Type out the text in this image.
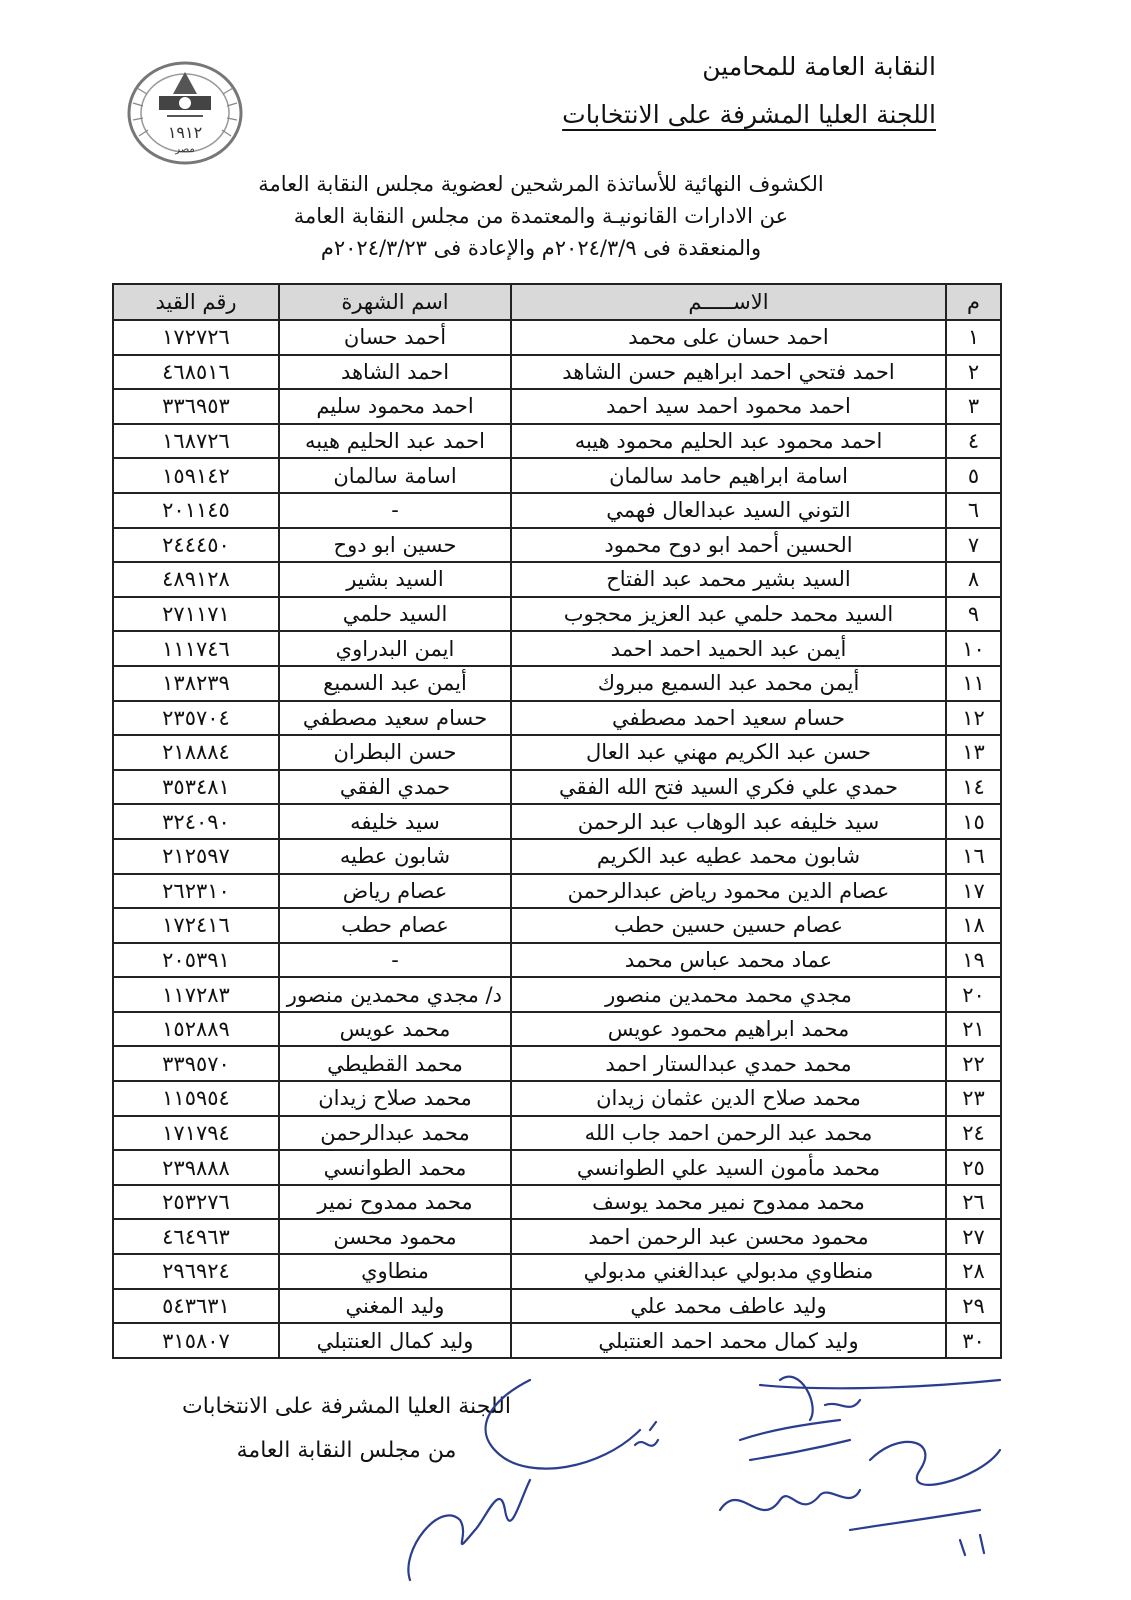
النقابة العامة للمحامين
اللجنة العليا المشرفة على الانتخابات
١٩١٢
مصر
الكشوف النهائية للأساتذة المرشحين لعضوية مجلس النقابة العامة
عن الادارات القانونيـة والمعتمدة من مجلس النقابة العامة
والمنعقدة فى ٢٠٢٤/٣/٩م والإعادة فى ٢٠٢٤/٣/٢٣م
م	الاســـــم	اسم الشهرة	رقم القيد
١	احمد حسان على محمد	أحمد حسان	١٧٢٧٢٦
٢	احمد فتحي احمد ابراهيم حسن الشاهد	احمد الشاهد	٤٦٨٥١٦
٣	احمد محمود احمد سيد احمد	احمد محمود سليم	٣٣٦٩٥٣
٤	احمد محمود عبد الحليم محمود هيبه	احمد عبد الحليم هيبه	١٦٨٧٢٦
٥	اسامة ابراهيم حامد سالمان	اسامة سالمان	١٥٩١٤٢
٦	التوني السيد عبدالعال فهمي	-	٢٠١١٤٥
٧	الحسين أحمد ابو دوح محمود	حسين ابو دوح	٢٤٤٤٥٠
٨	السيد بشير محمد عبد الفتاح	السيد بشير	٤٨٩١٢٨
٩	السيد محمد حلمي عبد العزيز محجوب	السيد حلمي	٢٧١١٧١
١٠	أيمن عبد الحميد احمد احمد	ايمن البدراوي	١١١٧٤٦
١١	أيمن محمد عبد السميع مبروك	أيمن عبد السميع	١٣٨٢٣٩
١٢	حسام سعيد احمد مصطفي	حسام سعيد مصطفي	٢٣٥٧٠٤
١٣	حسن عبد الكريم مهني عبد العال	حسن البطران	٢١٨٨٨٤
١٤	حمدي علي فكري السيد فتح الله الفقي	حمدي الفقي	٣٥٣٤٨١
١٥	سيد خليفه عبد الوهاب عبد الرحمن	سيد خليفه	٣٢٤٠٩٠
١٦	شابون محمد عطيه عبد الكريم	شابون عطيه	٢١٢٥٩٧
١٧	عصام الدين محمود رياض عبدالرحمن	عصام رياض	٢٦٢٣١٠
١٨	عصام حسين حسين حطب	عصام حطب	١٧٢٤١٦
١٩	عماد محمد عباس محمد	-	٢٠٥٣٩١
٢٠	مجدي محمد محمدين منصور	د/ مجدي محمدين منصور	١١٧٢٨٣
٢١	محمد ابراهيم محمود عويس	محمد عويس	١٥٢٨٨٩
٢٢	محمد حمدي عبدالستار احمد	محمد القطيطي	٣٣٩٥٧٠
٢٣	محمد صلاح الدين عثمان زيدان	محمد صلاح زيدان	١١٥٩٥٤
٢٤	محمد عبد الرحمن احمد جاب الله	محمد عبدالرحمن	١٧١٧٩٤
٢٥	محمد مأمون السيد علي الطوانسي	محمد الطوانسي	٢٣٩٨٨٨
٢٦	محمد ممدوح نمير محمد يوسف	محمد ممدوح نمير	٢٥٣٢٧٦
٢٧	محمود محسن عبد الرحمن احمد	محمود محسن	٤٦٤٩٦٣
٢٨	منطاوي مدبولي عبدالغني مدبولي	منطاوي	٢٩٦٩٢٤
٢٩	وليد عاطف محمد علي	وليد المغني	٥٤٣٦٣١
٣٠	وليد كمال محمد احمد العنتبلي	وليد كمال العنتبلي	٣١٥٨٠٧
اللجنة العليا المشرفة على الانتخابات
من مجلس النقابة العامة
